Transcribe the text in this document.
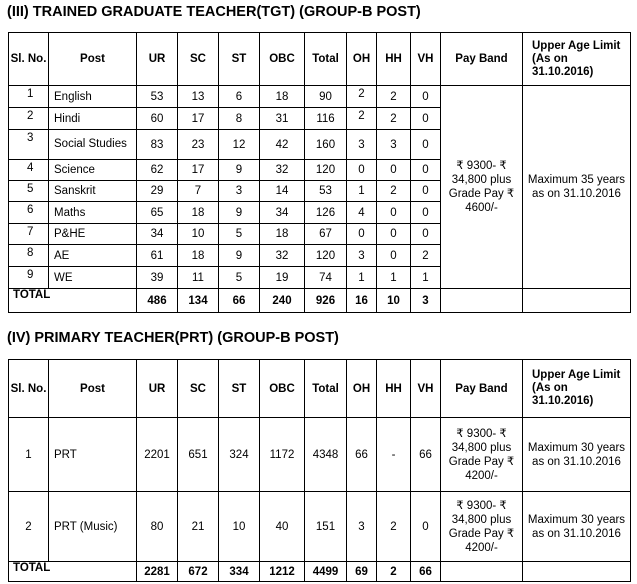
(III) TRAINED GRADUATE TEACHER(TGT) (GROUP-B POST)
Sl. No.	Post	UR	SC	ST	OBC	Total	OH	HH	VH	Pay Band	Upper Age Limit (As on 31.10.2016)
1	English	53	13	6	18	90	2	2	0	₹ 9300- ₹ 34,800 plus Grade Pay ₹ 4600/-	Maximum 35 years as on 31.10.2016
2	Hindi	60	17	8	31	116	2	2	0		
3	Social Studies	83	23	12	42	160	3	3	0		
4	Science	62	17	9	32	120	0	0	0		
5	Sanskrit	29	7	3	14	53	1	2	0		
6	Maths	65	18	9	34	126	4	0	0		
7	P&HE	34	10	5	18	67	0	0	0		
8	AE	61	18	9	32	120	3	0	2		
9	WE	39	11	5	19	74	1	1	1		
TOTAL		486	134	66	240	926	16	10	3		
(IV) PRIMARY TEACHER(PRT) (GROUP-B POST)
Sl. No.	Post	UR	SC	ST	OBC	Total	OH	HH	VH	Pay Band	Upper Age Limit (As on 31.10.2016)
1	PRT	2201	651	324	1172	4348	66	-	66	₹ 9300- ₹ 34,800 plus Grade Pay ₹ 4200/-	Maximum 30 years as on 31.10.2016
2	PRT (Music)	80	21	10	40	151	3	2	0	₹ 9300- ₹ 34,800 plus Grade Pay ₹ 4200/-	Maximum 30 years as on 31.10.2016
TOTAL		2281	672	334	1212	4499	69	2	66		
